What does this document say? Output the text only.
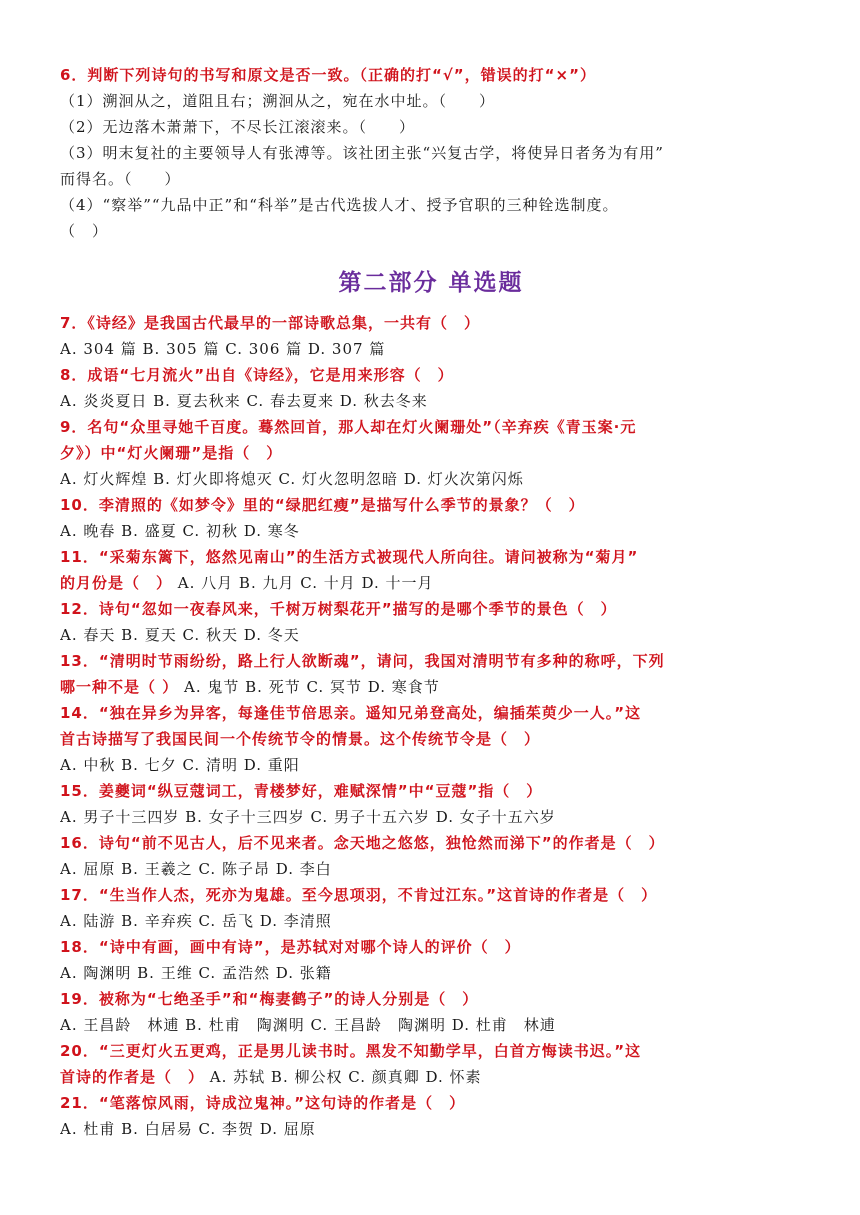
6．判断下列诗句的书写和原文是否一致。（正确的打“√”，错误的打“×”）
（1）溯洄从之，道阻且右；溯洄从之，宛在水中址。（　　）
（2）无边落木萧萧下，不尽长江滚滚来。（　　）
（3）明末复社的主要领导人有张溥等。该社团主张“兴复古学，将使异日者务为有用”
而得名。（　　）
（4）“察举”“九品中正”和“科举”是古代选拔人才、授予官职的三种铨选制度。
（　）
第二部分 单选题
7．《诗经》是我国古代最早的一部诗歌总集，一共有（　）
A. 304 篇 B. 305 篇 C. 306 篇 D. 307 篇
8．成语“七月流火”出自《诗经》，它是用来形容（　）
A. 炎炎夏日 B. 夏去秋来 C. 春去夏来 D. 秋去冬来
9．名句“众里寻她千百度。蓦然回首，那人却在灯火阑珊处”（辛弃疾《青玉案·元
夕》）中“灯火阑珊”是指（　）
A. 灯火辉煌 B. 灯火即将熄灭 C. 灯火忽明忽暗 D. 灯火次第闪烁
10．李清照的《如梦令》里的“绿肥红瘦”是描写什么季节的景象？（　）
A. 晚春 B. 盛夏 C. 初秋 D. 寒冬
11．“采菊东篱下，悠然见南山”的生活方式被现代人所向往。请问被称为“菊月”
的月份是（　） A. 八月 B. 九月 C. 十月 D. 十一月
12．诗句“忽如一夜春风来，千树万树梨花开”描写的是哪个季节的景色（　）
A. 春天 B. 夏天 C. 秋天 D. 冬天
13．“清明时节雨纷纷，路上行人欲断魂”，请问，我国对清明节有多种的称呼，下列
哪一种不是（ ） A. 鬼节 B. 死节 C. 冥节 D. 寒食节
14．“独在异乡为异客，每逢佳节倍思亲。遥知兄弟登高处，编插茱萸少一人。”这
首古诗描写了我国民间一个传统节令的情景。这个传统节令是（　）
A. 中秋 B. 七夕 C. 清明 D. 重阳
15．姜夔词“纵豆蔻词工，青楼梦好，难赋深情”中“豆蔻”指（　）
A. 男子十三四岁 B. 女子十三四岁 C. 男子十五六岁 D. 女子十五六岁
16．诗句“前不见古人，后不见来者。念天地之悠悠，独怆然而涕下”的作者是（　）
A. 屈原 B. 王羲之 C. 陈子昂 D. 李白
17．“生当作人杰，死亦为鬼雄。至今思项羽，不肯过江东。”这首诗的作者是（　）
A. 陆游 B. 辛弃疾 C. 岳飞 D. 李清照
18．“诗中有画，画中有诗”，是苏轼对对哪个诗人的评价（　）
A. 陶渊明 B. 王维 C. 孟浩然 D. 张籍
19．被称为“七绝圣手”和“梅妻鹤子”的诗人分别是（　）
A. 王昌龄　林逋 B. 杜甫　陶渊明 C. 王昌龄　陶渊明 D. 杜甫　林逋
20．“三更灯火五更鸡，正是男儿读书时。黑发不知勤学早，白首方悔读书迟。”这
首诗的作者是（　） A. 苏轼 B. 柳公权 C. 颜真卿 D. 怀素
21．“笔落惊风雨，诗成泣鬼神。”这句诗的作者是（　）
A. 杜甫 B. 白居易 C. 李贺 D. 屈原
